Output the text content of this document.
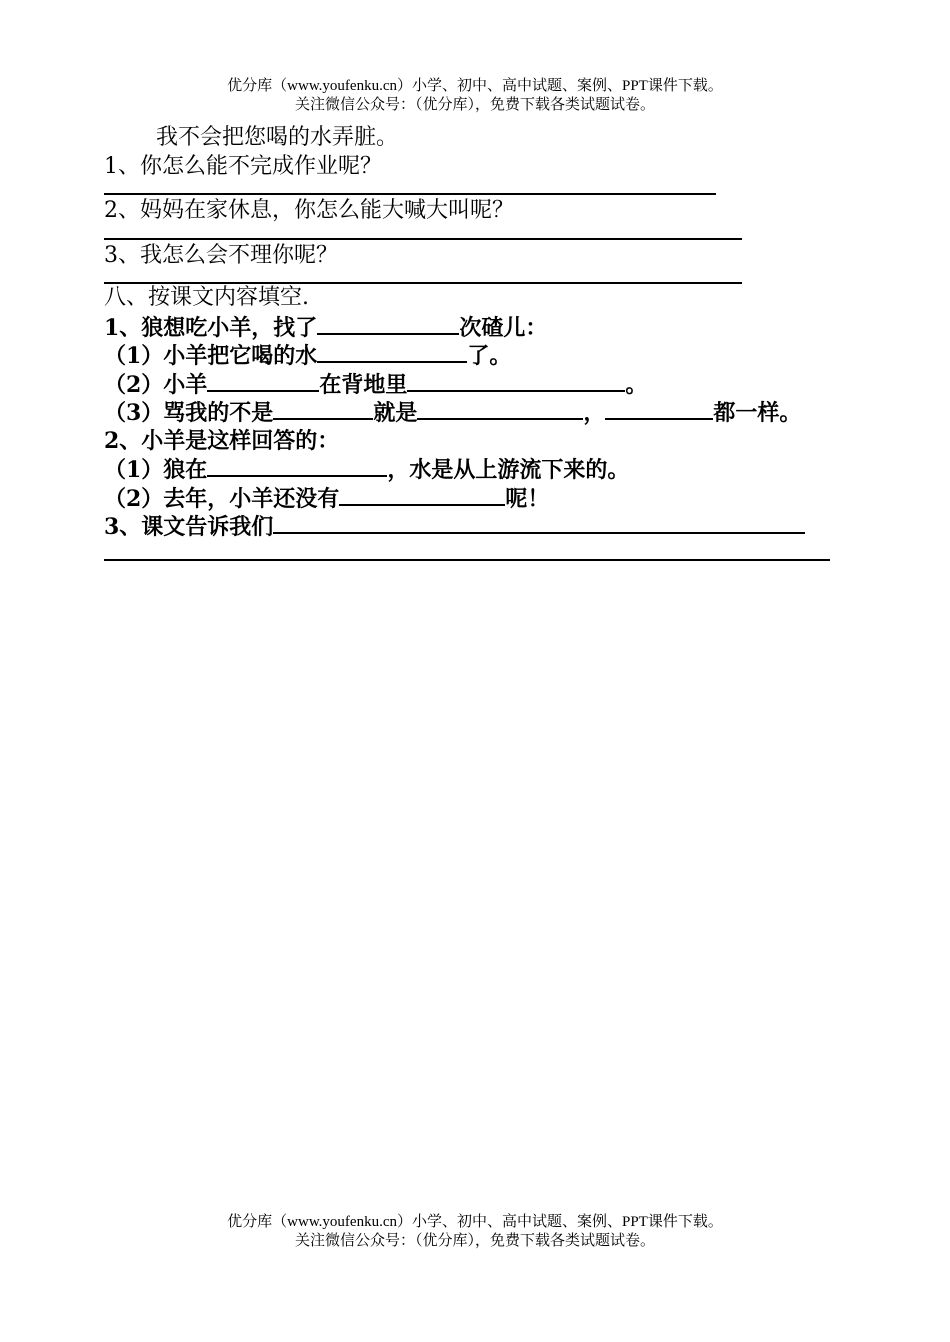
优分库（www.youfenku.cn）小学、初中、高中试题、案例、PPT课件下载。
关注微信公众号：（优分库），免费下载各类试题试卷。
我不会把您喝的水弄脏。
1、你怎么能不完成作业呢？
2、妈妈在家休息，你怎么能大喊大叫呢？
3、我怎么会不理你呢？
八、按课文内容填空.
1、狼想吃小羊，找了	次碴儿：
（1）小羊把它喝的水	了。
（2）小羊	在背地里	。
（3）骂我的不是	就是	，	都一样。
2、小羊是这样回答的：
（1）狼在	，水是从上游流下来的。
（2）去年，小羊还没有	呢！
3、课文告诉我们
优分库（www.youfenku.cn）小学、初中、高中试题、案例、PPT课件下载。
关注微信公众号：（优分库），免费下载各类试题试卷。
